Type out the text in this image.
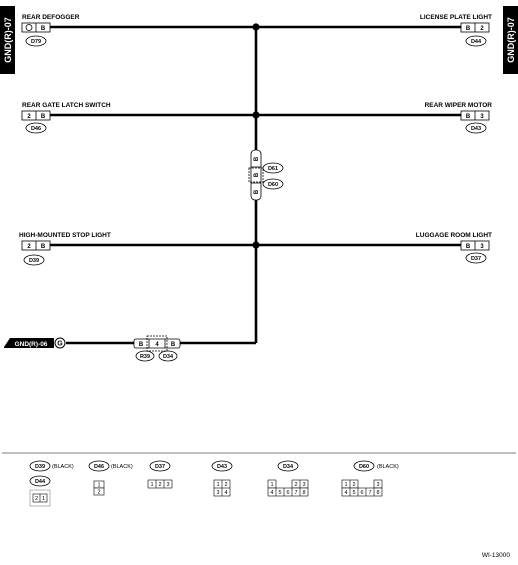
GND(R)-07	GND(R)-07
REAR DEFOGGER
B
D79
LICENSE PLATE LIGHT
B 2
D44
REAR GATE LATCH SWITCH
2 B
D46
REAR WIPER MOTOR
B 3
D43
B
B
B
D61
D60
HIGH-MOUNTED STOP LIGHT
2 B
D39
LUGGAGE ROOM LIGHT
B 3
D37
GND(R)-06 G	B 4 B
R39 D34
D39 (BLACK)
D44
2 1
D46 (BLACK)
1
2
D37
1 2 3
D43
1 2
3 4
D34
1	2 3
4 5 6 7 8
D60 (BLACK)
1 2	3
4 5 6 7 8
WI-13000
